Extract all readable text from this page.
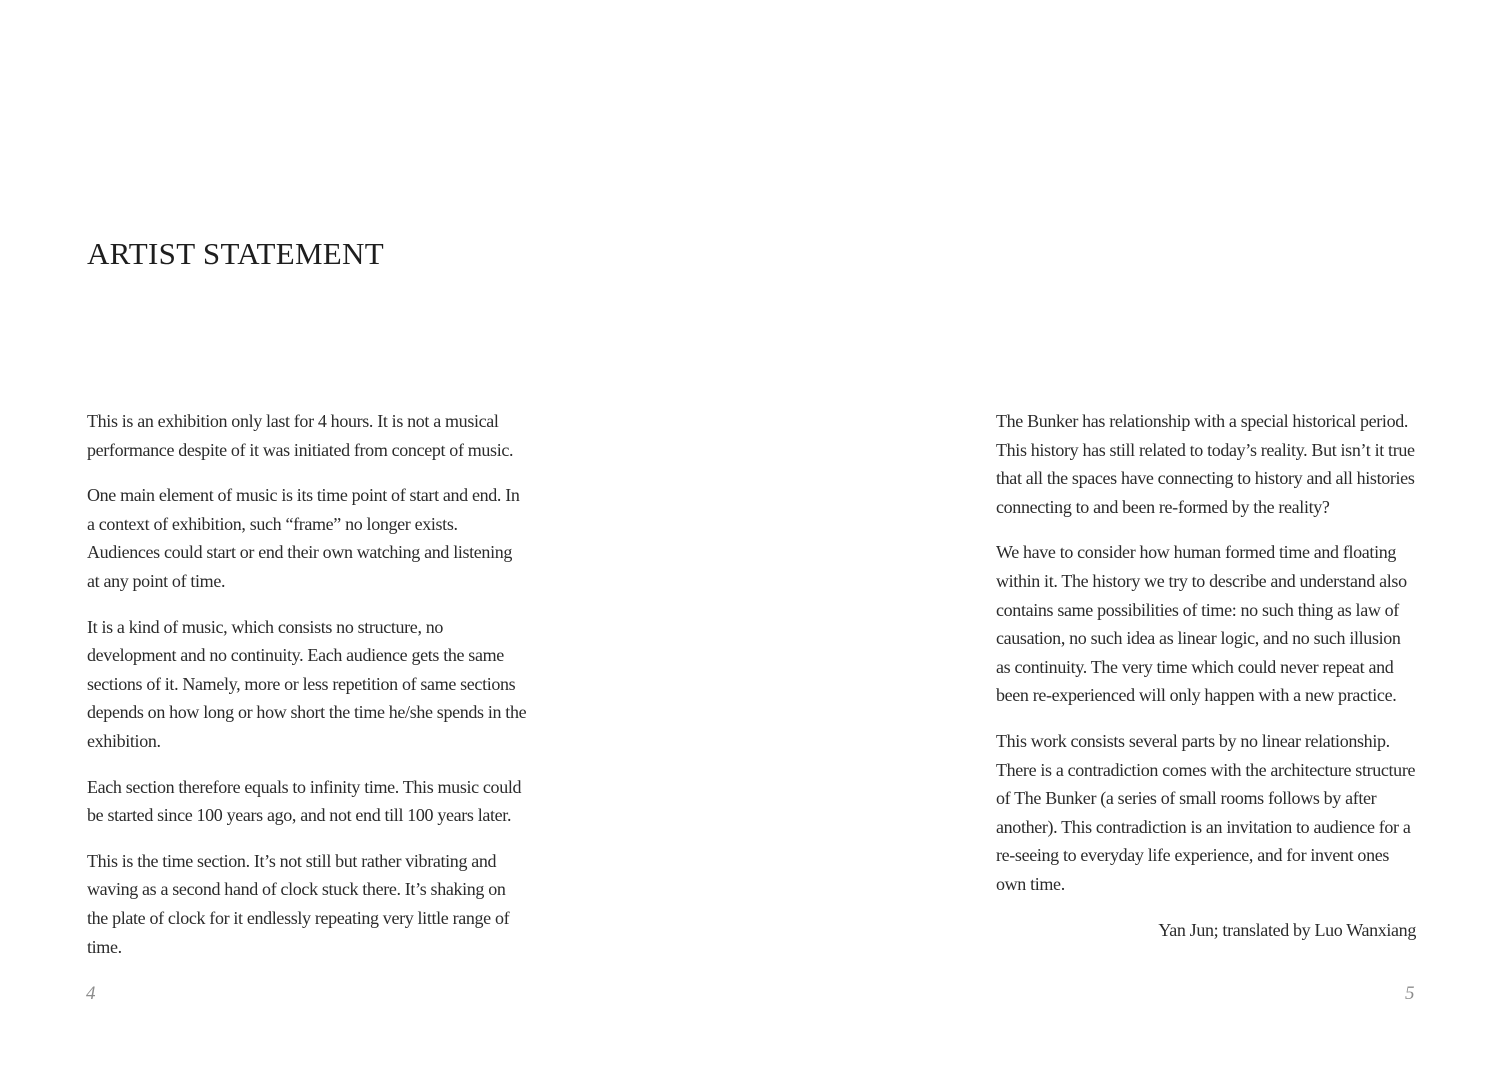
ARTIST STATEMENT

This is an exhibition only last for 4 hours. It is not a musical performance despite of it was initiated from concept of music.

One main element of music is its time point of start and end. In a context of exhibition, such “frame” no longer exists. Audiences could start or end their own watching and listening at any point of time.

It is a kind of music, which consists no structure, no development and no continuity. Each audience gets the same sections of it. Namely, more or less repetition of same sections depends on how long or how short the time he/she spends in the exhibition.

Each section therefore equals to infinity time. This music could be started since 100 years ago, and not end till 100 years later.

This is the time section. It’s not still but rather vibrating and waving as a second hand of clock stuck there. It’s shaking on the plate of clock for it endlessly repeating very little range of time.

The Bunker has relationship with a special historical period. This history has still related to today’s reality. But isn’t it true that all the spaces have connecting to history and all histories connecting to and been re-formed by the reality?

We have to consider how human formed time and floating within it. The history we try to describe and understand also contains same possibilities of time: no such thing as law of causation, no such idea as linear logic, and no such illusion as continuity. The very time which could never repeat and been re-experienced will only happen with a new practice.

This work consists several parts by no linear relationship. There is a contradiction comes with the architecture structure of The Bunker (a series of small rooms follows by after another). This contradiction is an invitation to audience for a re-seeing to everyday life experience, and for invent ones own time.

Yan Jun; translated by Luo Wanxiang
4	5
